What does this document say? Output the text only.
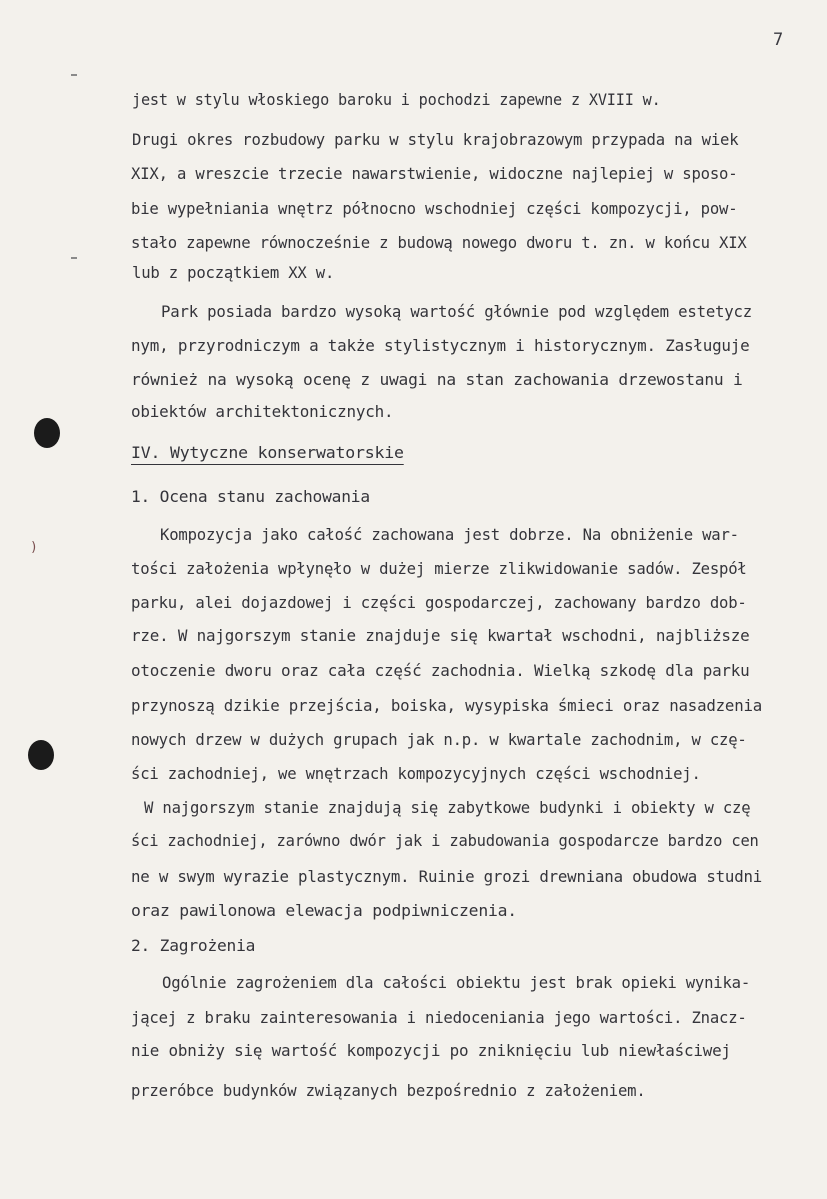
)
7
jest w stylu włoskiego baroku i pochodzi zapewne z XVIII w.
Drugi okres rozbudowy parku w stylu krajobrazowym przypada na wiek
XIX, a wreszcie trzecie nawarstwienie, widoczne najlepiej w sposo-
bie wypełniania wnętrz północno wschodniej części kompozycji, pow-
stało zapewne równocześnie z budową nowego dworu t. zn. w końcu XIX
lub z początkiem XX w.
Park posiada bardzo wysoką wartość głównie pod względem estetycz
nym, przyrodniczym a także stylistycznym i historycznym. Zasługuje
również na wysoką ocenę z uwagi na stan zachowania drzewostanu i
obiektów architektonicznych.
IV. Wytyczne konserwatorskie
1. Ocena stanu zachowania
Kompozycja jako całość zachowana jest dobrze. Na obniżenie war-
tości założenia wpłynęło w dużej mierze zlikwidowanie sadów. Zespół
parku, alei dojazdowej i części gospodarczej, zachowany bardzo dob-
rze. W najgorszym stanie znajduje się kwartał wschodni, najbliższe
otoczenie dworu oraz cała część zachodnia. Wielką szkodę dla parku
przynoszą dzikie przejścia, boiska, wysypiska śmieci oraz nasadzenia
nowych drzew w dużych grupach jak n.p. w kwartale zachodnim, w czę-
ści zachodniej, we wnętrzach kompozycyjnych części wschodniej.
W najgorszym stanie znajdują się zabytkowe budynki i obiekty w czę
ści zachodniej, zarówno dwór jak i zabudowania gospodarcze bardzo cen
ne w swym wyrazie plastycznym. Ruinie grozi drewniana obudowa studni
oraz pawilonowa elewacja podpiwniczenia.
2. Zagrożenia
Ogólnie zagrożeniem dla całości obiektu jest brak opieki wynika-
jącej z braku zainteresowania i niedoceniania jego wartości. Znacz-
nie obniży się wartość kompozycji po zniknięciu lub niewłaściwej
przeróbce budynków związanych bezpośrednio z założeniem.
